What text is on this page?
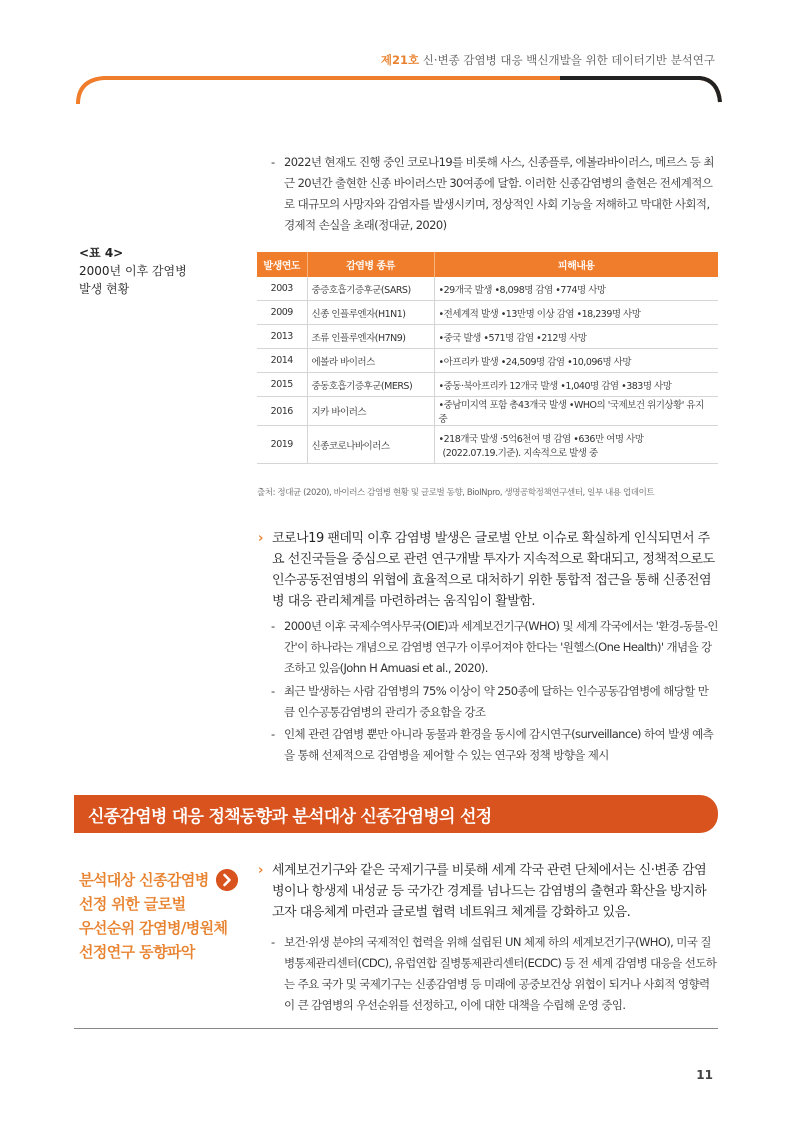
제21호 신·변종 감염병 대응 백신개발을 위한 데이터기반 분석연구
- 2022년 현재도 진행 중인 코로나19를 비롯해 사스, 신종플루, 에볼라바이러스, 메르스 등 최근 20년간 출현한 신종 바이러스만 30여종에 달함. 이러한 신종감염병의 출현은 전세계적으로 대규모의 사망자와 감염자를 발생시키며, 정상적인 사회 기능을 저해하고 막대한 사회적, 경제적 손실을 초래(정대균, 2020)
<표 4>
2000년 이후 감염병
발생 현황
발생연도	감염병 종류	피해내용
2003	중증호흡기증후군(SARS)	•29개국 발생 •8,098명 감염 •774명 사망
2009	신종 인플루엔자(H1N1)	•전세계적 발생 •13만명 이상 감염 •18,239명 사망
2013	조류 인플루엔자(H7N9)	•중국 발생 •571명 감염 •212명 사망
2014	에볼라 바이러스	•아프리카 발생 •24,509명 감염 •10,096명 사망
2015	중동호흡기증후군(MERS)	•중동·북아프리카 12개국 발생 •1,040명 감염 •383명 사망
2016	지카 바이러스	•중남미지역 포함 총43개국 발생 •WHO의 '국제보건 위기상황' 유지 중
2019	신종코로나바이러스	•218개국 발생 ·5억6천여 명 감염 •636만 여명 사망
(2022.07.19.기준). 지속적으로 발생 중
출처: 정대균 (2020), 바이러스 감염병 현황 및 글로벌 동향, BioINpro, 생명공학정책연구센터, 일부 내용 업데이트
› 코로나19 팬데믹 이후 감염병 발생은 글로벌 안보 이슈로 확실하게 인식되면서 주요 선진국들을 중심으로 관련 연구개발 투자가 지속적으로 확대되고, 정책적으로도 인수공동전염병의 위협에 효율적으로 대처하기 위한 통합적 접근을 통해 신종전염병 대응 관리체계를 마련하려는 움직임이 활발함.
- 2000년 이후 국제수역사무국(OIE)과 세계보건기구(WHO) 및 세계 각국에서는 '환경-동물-인간'이 하나라는 개념으로 감염병 연구가 이루어져야 한다는 '원헬스(One Health)' 개념을 강조하고 있음(John H Amuasi et al., 2020).
- 최근 발생하는 사람 감염병의 75% 이상이 약 250종에 달하는 인수공동감염병에 해당할 만큼 인수공통감염병의 관리가 중요함을 강조
- 인체 관련 감염병 뿐만 아니라 동물과 환경을 동시에 감시연구(surveillance) 하여 발생 예측을 통해 선제적으로 감염병을 제어할 수 있는 연구와 정책 방향을 제시
신종감염병 대응 정책동향과 분석대상 신종감염병의 선정
분석대상 신종감염병
선정 위한 글로벌
우선순위 감염병/병원체
선정연구 동향파악
› 세계보건기구와 같은 국제기구를 비롯해 세계 각국 관련 단체에서는 신·변종 감염병이나 항생제 내성균 등 국가간 경계를 넘나드는 감염병의 출현과 확산을 방지하고자 대응체계 마련과 글로벌 협력 네트워크 체계를 강화하고 있음.
- 보건·위생 분야의 국제적인 협력을 위해 설립된 UN 체제 하의 세계보건기구(WHO), 미국 질병통제관리센터(CDC), 유럽연합 질병통제관리센터(ECDC) 등 전 세계 감염병 대응을 선도하는 주요 국가 및 국제기구는 신종감염병 등 미래에 공중보건상 위협이 되거나 사회적 영향력이 큰 감염병의 우선순위를 선정하고, 이에 대한 대책을 수립해 운영 중임.
11
